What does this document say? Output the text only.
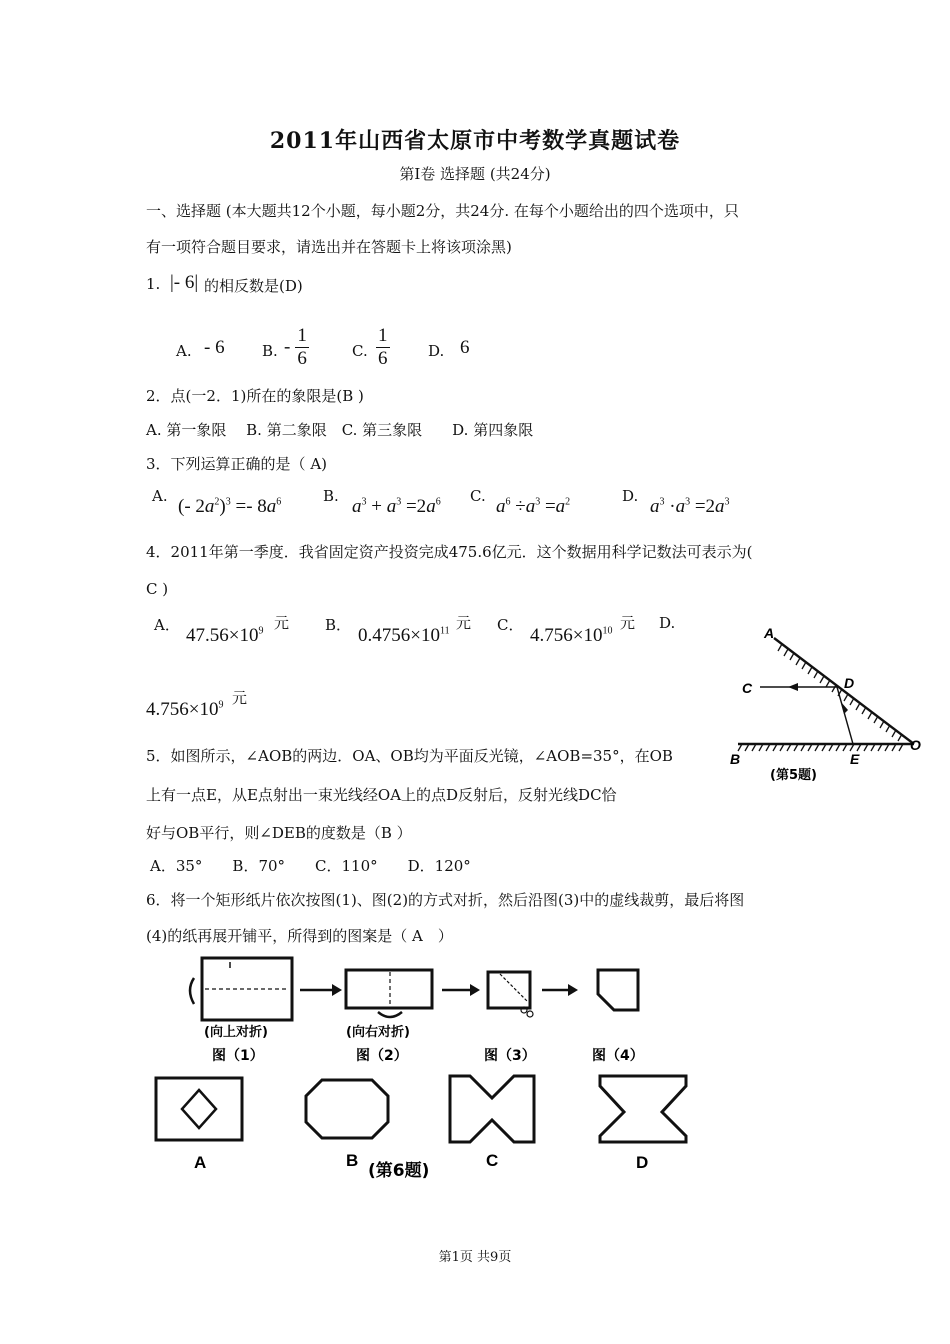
2011年山西省太原市中考数学真题试卷
第Ⅰ卷 选择题 (共24分)
一、选择题 (本大题共12个小题，每小题2分，共24分. 在每个小题给出的四个选项中，只
有一项符合题目要求，请选出并在答题卡上将该项涂黑)
1. |- 6| 的相反数是(D)
A. - 6 B. - $\frac{1}{6}$	C. $\frac{1}{6}$	D. 6
2．点(一2．1)所在的象限是(B )
A. 第一象限　 B. 第二象限　C. 第三象限　　D. 第四象限
3．下列运算正确的是（ A)
A. (- $2a^2)^3 =- 8a^6$	B. $a^3 + a^3 =2a^6$ C. $a^6 \div a^3 =a^2$	D. $a^3 \cdot a^3 =2a^3$
4．2011年第一季度．我省固定资产投资完成475.6亿元．这个数据用科学记数法可表示为(
C )
A． $47.56\times 10^9$ 元 B． $0.4756\times 10^{11}$ 元 C． $4.756\times 10^{10}$ 元 D.
$4.756\times 10^9$ 元
5．如图所示，∠AOB的两边．OA、OB均为平面反光镜，∠AOB=35°，在OB
上有一点E，从E点射出一束光线经OA上的点D反射后，反射光线DC恰
好与OB平行，则∠DEB的度数是（B ）
A．35°　　B．70°　　C．110°　　D．120°
A
C	D
B	E
O
(第5题)
6．将一个矩形纸片依次按图(1)、图(2)的方式对折，然后沿图(3)中的虚线裁剪，最后将图
(4)的纸再展开铺平，所得到的图案是（ A　）
(向上对折)	(向右对折)
图（1）	图（2）	图（3）	图（4）
A	B
(第6题)
C	D
第1页 共9页
